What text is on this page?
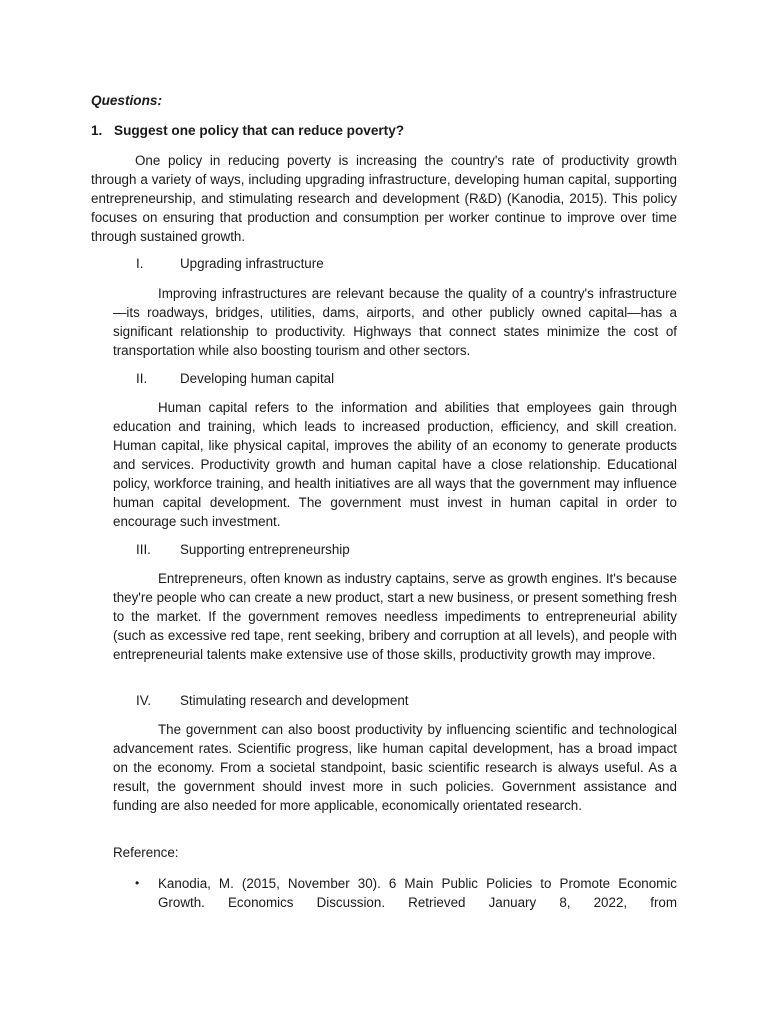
Questions:
1. Suggest one policy that can reduce poverty?

One policy in reducing poverty is increasing the country's rate of productivity growth through a variety of ways, including upgrading infrastructure, developing human capital, supporting entrepreneurship, and stimulating research and development (R&D) (Kanodia, 2015). This policy focuses on ensuring that production and consumption per worker continue to improve over time through sustained growth.

I.	Upgrading infrastructure

Improving infrastructures are relevant because the quality of a country's infrastructure—its roadways, bridges, utilities, dams, airports, and other publicly owned capital—has a significant relationship to productivity. Highways that connect states minimize the cost of transportation while also boosting tourism and other sectors.

II. Developing human capital

Human capital refers to the information and abilities that employees gain through education and training, which leads to increased production, efficiency, and skill creation. Human capital, like physical capital, improves the ability of an economy to generate products and services. Productivity growth and human capital have a close relationship. Educational policy, workforce training, and health initiatives are all ways that the government may influence human capital development. The government must invest in human capital in order to encourage such investment.

III. Supporting entrepreneurship

Entrepreneurs, often known as industry captains, serve as growth engines. It's because they're people who can create a new product, start a new business, or present something fresh to the market. If the government removes needless impediments to entrepreneurial ability (such as excessive red tape, rent seeking, bribery and corruption at all levels), and people with entrepreneurial talents make extensive use of those skills, productivity growth may improve.

IV. Stimulating research and development

The government can also boost productivity by influencing scientific and technological advancement rates. Scientific progress, like human capital development, has a broad impact on the economy. From a societal standpoint, basic scientific research is always useful. As a result, the government should invest more in such policies. Government assistance and funding are also needed for more applicable, economically orientated research.

Reference:
•	Kanodia, M. (2015, November 30). 6 Main Public Policies to Promote Economic Growth. Economics Discussion. Retrieved January 8, 2022, from
